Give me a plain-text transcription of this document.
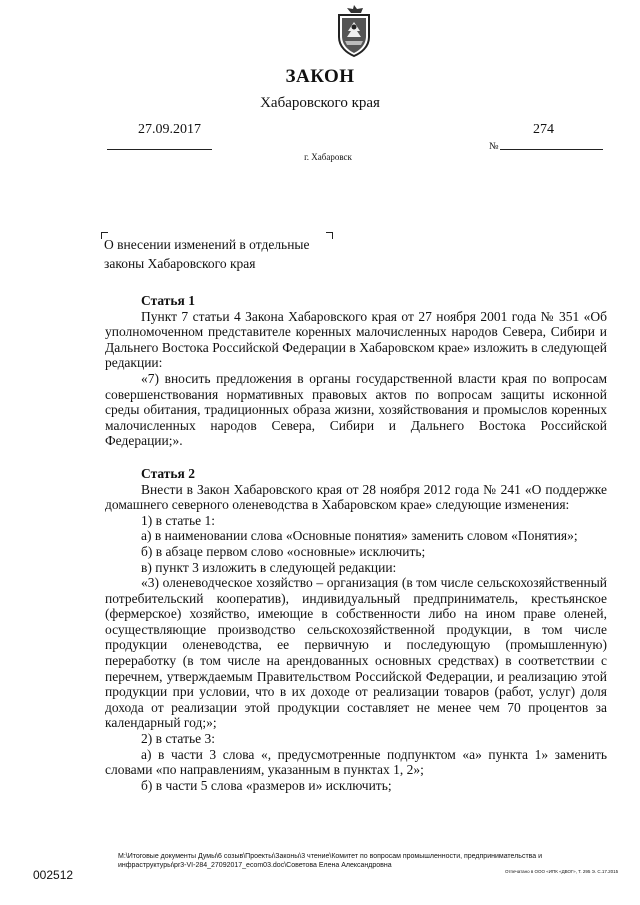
ЗАКОН
Хабаровского края
27.09.2017	274
№
г. Хабаровск
О внесении изменений в отдельные законы Хабаровского края

Статья 1

Пункт 7 статьи 4 Закона Хабаровского края от 27 ноября 2001 года № 351 «Об уполномоченном представителе коренных малочисленных народов Севера, Сибири и Дальнего Востока Российской Федерации в Хабаровском крае» изложить в следующей редакции:

«7) вносить предложения в органы государственной власти края по вопросам совершенствования нормативных правовых актов по вопросам защиты исконной среды обитания, традиционных образа жизни, хозяйствования и промыслов коренных малочисленных народов Севера, Сибири и Дальнего Востока Российской Федерации;».

Статья 2

Внести в Закон Хабаровского края от 28 ноября 2012 года № 241 «О поддержке домашнего северного оленеводства в Хабаровском крае» следующие изменения:

1) в статье 1:

а) в наименовании слова «Основные понятия» заменить словом «Понятия»;

б) в абзаце первом слово «основные» исключить;

в) пункт 3 изложить в следующей редакции:

«3) оленеводческое хозяйство – организация (в том числе сельскохозяйственный потребительский кооператив), индивидуальный предприниматель, крестьянское (фермерское) хозяйство, имеющие в собственности либо на ином праве оленей, осуществляющие производство сельскохозяйственной продукции, в том числе продукции оленеводства, ее первичную и последующую (промышленную) переработку (в том числе на арендованных основных средствах) в соответствии с перечнем, утверждаемым Правительством Российской Федерации, и реализацию этой продукции при условии, что в их доходе от реализации товаров (работ, услуг) доля дохода от реализации этой продукции составляет не менее чем 70 процентов за календарный год;»;

2) в статье 3:

а) в части 3 слова «, предусмотренные подпунктом «а» пункта 1» заменить словами «по направлениям, указанным в пунктах 1, 2»;

б) в части 5 слова «размеров и» исключить;

M:\Итоговые документы Думы\6 созыв\Проекты\Законы\3 чтение\Комитет по вопросам промышленности, предпринимательства и инфраструктуры\pr3-VI-284_27092017_ecom03.doc\Советова Елена Александровна
002512	Отпечатано в ООО «ИПК «ДВОГ», Т. 295 Э. С.17.2015
